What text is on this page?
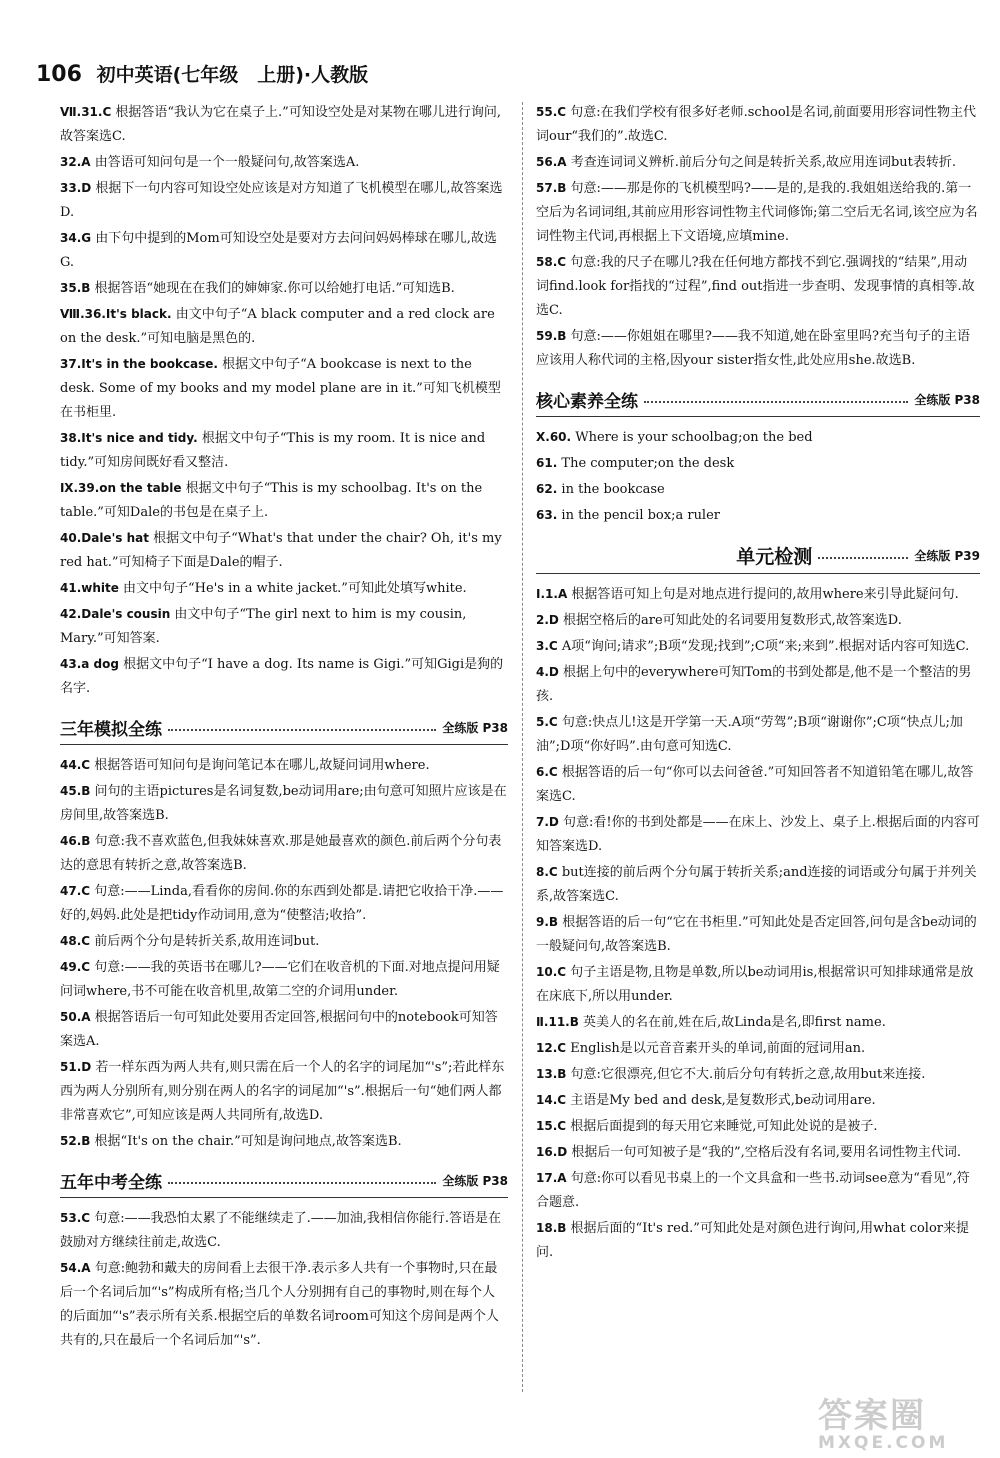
106 初中英语(七年级　上册)·人教版
Ⅶ.31.C 根据答语“我认为它在桌子上.”可知设空处是对某物在哪儿进行询问,故答案选C.
32.A 由答语可知问句是一个一般疑问句,故答案选A.
33.D 根据下一句内容可知设空处应该是对方知道了飞机模型在哪儿,故答案选D.
34.G 由下句中提到的Mom可知设空处是要对方去问问妈妈棒球在哪儿,故选G.
35.B 根据答语“她现在在我们的婶婶家.你可以给她打电话.”可知选B.
Ⅷ.36.It's black. 由文中句子“A black computer and a red clock are on the desk.”可知电脑是黑色的.
37.It's in the bookcase. 根据文中句子“A bookcase is next to the desk. Some of my books and my model plane are in it.”可知飞机模型在书柜里.
38.It's nice and tidy. 根据文中句子“This is my room. It is nice and tidy.”可知房间既好看又整洁.
Ⅸ.39.on the table 根据文中句子“This is my schoolbag. It's on the table.”可知Dale的书包是在桌子上.
40.Dale's hat 根据文中句子“What's that under the chair? Oh, it's my red hat.”可知椅子下面是Dale的帽子.
41.white 由文中句子“He's in a white jacket.”可知此处填写white.
42.Dale's cousin 由文中句子“The girl next to him is my cousin, Mary.”可知答案.
43.a dog 根据文中句子“I have a dog. Its name is Gigi.”可知Gigi是狗的名字.
三年模拟全练	全练版 P38
44.C 根据答语可知问句是询问笔记本在哪儿,故疑问词用where.
45.B 问句的主语pictures是名词复数,be动词用are;由句意可知照片应该是在房间里,故答案选B.
46.B 句意:我不喜欢蓝色,但我妹妹喜欢.那是她最喜欢的颜色.前后两个分句表达的意思有转折之意,故答案选B.
47.C 句意:——Linda,看看你的房间.你的东西到处都是.请把它收拾干净.——好的,妈妈.此处是把tidy作动词用,意为“使整洁;收拾”.
48.C 前后两个分句是转折关系,故用连词but.
49.C 句意:——我的英语书在哪儿?——它们在收音机的下面.对地点提问用疑问词where,书不可能在收音机里,故第二空的介词用under.
50.A 根据答语后一句可知此处要用否定回答,根据问句中的notebook可知答案选A.
51.D 若一样东西为两人共有,则只需在后一个人的名字的词尾加“'s”;若此样东西为两人分别所有,则分别在两人的名字的词尾加“'s”.根据后一句“她们两人都非常喜欢它”,可知应该是两人共同所有,故选D.
52.B 根据“It's on the chair.”可知是询问地点,故答案选B.
五年中考全练	全练版 P38
53.C 句意:——我恐怕太累了不能继续走了.——加油,我相信你能行.答语是在鼓励对方继续往前走,故选C.
54.A 句意:鲍勃和戴夫的房间看上去很干净.表示多人共有一个事物时,只在最后一个名词后加“'s”构成所有格;当几个人分别拥有自己的事物时,则在每个人的后面加“'s”表示所有关系.根据空后的单数名词room可知这个房间是两个人共有的,只在最后一个名词后加“'s”.
55.C 句意:在我们学校有很多好老师.school是名词,前面要用形容词性物主代词our“我们的”.故选C.
56.A 考查连词词义辨析.前后分句之间是转折关系,故应用连词but表转折.
57.B 句意:——那是你的飞机模型吗?——是的,是我的.我姐姐送给我的.第一空后为名词词组,其前应用形容词性物主代词修饰;第二空后无名词,该空应为名词性物主代词,再根据上下文语境,应填mine.
58.C 句意:我的尺子在哪儿?我在任何地方都找不到它.强调找的“结果”,用动词find.look for指找的“过程”,find out指进一步查明、发现事情的真相等.故选C.
59.B 句意:——你姐姐在哪里?——我不知道,她在卧室里吗?充当句子的主语应该用人称代词的主格,因your sister指女性,此处应用she.故选B.
核心素养全练	全练版 P38
Ⅹ.60. Where is your schoolbag;on the bed
61. The computer;on the desk
62. in the bookcase
63. in the pencil box;a ruler
单元检测	全练版 P39
Ⅰ.1.A 根据答语可知上句是对地点进行提问的,故用where来引导此疑问句.
2.D 根据空格后的are可知此处的名词要用复数形式,故答案选D.
3.C A项“询问;请求”;B项“发现;找到”;C项“来;来到”.根据对话内容可知选C.
4.D 根据上句中的everywhere可知Tom的书到处都是,他不是一个整洁的男孩.
5.C 句意:快点儿!这是开学第一天.A项“劳驾”;B项“谢谢你”;C项“快点儿;加油”;D项“你好吗”.由句意可知选C.
6.C 根据答语的后一句“你可以去问爸爸.”可知回答者不知道铅笔在哪儿,故答案选C.
7.D 句意:看!你的书到处都是——在床上、沙发上、桌子上.根据后面的内容可知答案选D.
8.C but连接的前后两个分句属于转折关系;and连接的词语或分句属于并列关系,故答案选C.
9.B 根据答语的后一句“它在书柜里.”可知此处是否定回答,问句是含be动词的一般疑问句,故答案选B.
10.C 句子主语是物,且物是单数,所以be动词用is,根据常识可知排球通常是放在床底下,所以用under.
Ⅱ.11.B 英美人的名在前,姓在后,故Linda是名,即first name.
12.C English是以元音音素开头的单词,前面的冠词用an.
13.B 句意:它很漂亮,但它不大.前后分句有转折之意,故用but来连接.
14.C 主语是My bed and desk,是复数形式,be动词用are.
15.C 根据后面提到的每天用它来睡觉,可知此处说的是被子.
16.D 根据后一句可知被子是“我的”,空格后没有名词,要用名词性物主代词.
17.A 句意:你可以看见书桌上的一个文具盒和一些书.动词see意为“看见”,符合题意.
18.B 根据后面的“It's red.”可知此处是对颜色进行询问,用what color来提问.
答案圈
MXQE.COM
